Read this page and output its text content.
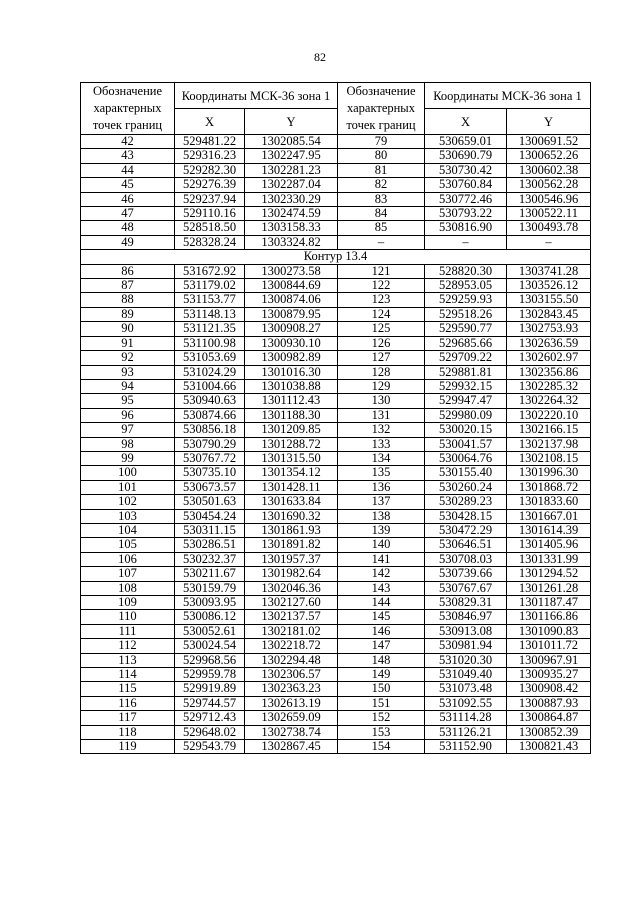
82
Обозначение характерных точек границ	Координаты МСК-36 зона 1		Обозначение характерных точек границ	Координаты МСК-36 зона 1	
	X	Y		X	Y
42	529481.22	1302085.54	79	530659.01	1300691.52
43	529316.23	1302247.95	80	530690.79	1300652.26
44	529282.30	1302281.23	81	530730.42	1300602.38
45	529276.39	1302287.04	82	530760.84	1300562.28
46	529237.94	1302330.29	83	530772.46	1300546.96
47	529110.16	1302474.59	84	530793.22	1300522.11
48	528518.50	1303158.33	85	530816.90	1300493.78
49	528328.24	1303324.82	–	–	–
Контур 13.4					
86	531672.92	1300273.58	121	528820.30	1303741.28
87	531179.02	1300844.69	122	528953.05	1303526.12
88	531153.77	1300874.06	123	529259.93	1303155.50
89	531148.13	1300879.95	124	529518.26	1302843.45
90	531121.35	1300908.27	125	529590.77	1302753.93
91	531100.98	1300930.10	126	529685.66	1302636.59
92	531053.69	1300982.89	127	529709.22	1302602.97
93	531024.29	1301016.30	128	529881.81	1302356.86
94	531004.66	1301038.88	129	529932.15	1302285.32
95	530940.63	1301112.43	130	529947.47	1302264.32
96	530874.66	1301188.30	131	529980.09	1302220.10
97	530856.18	1301209.85	132	530020.15	1302166.15
98	530790.29	1301288.72	133	530041.57	1302137.98
99	530767.72	1301315.50	134	530064.76	1302108.15
100	530735.10	1301354.12	135	530155.40	1301996.30
101	530673.57	1301428.11	136	530260.24	1301868.72
102	530501.63	1301633.84	137	530289.23	1301833.60
103	530454.24	1301690.32	138	530428.15	1301667.01
104	530311.15	1301861.93	139	530472.29	1301614.39
105	530286.51	1301891.82	140	530646.51	1301405.96
106	530232.37	1301957.37	141	530708.03	1301331.99
107	530211.67	1301982.64	142	530739.66	1301294.52
108	530159.79	1302046.36	143	530767.67	1301261.28
109	530093.95	1302127.60	144	530829.31	1301187.47
110	530086.12	1302137.57	145	530846.97	1301166.86
111	530052.61	1302181.02	146	530913.08	1301090.83
112	530024.54	1302218.72	147	530981.94	1301011.72
113	529968.56	1302294.48	148	531020.30	1300967.91
114	529959.78	1302306.57	149	531049.40	1300935.27
115	529919.89	1302363.23	150	531073.48	1300908.42
116	529744.57	1302613.19	151	531092.55	1300887.93
117	529712.43	1302659.09	152	531114.28	1300864.87
118	529648.02	1302738.74	153	531126.21	1300852.39
119	529543.79	1302867.45	154	531152.90	1300821.43
